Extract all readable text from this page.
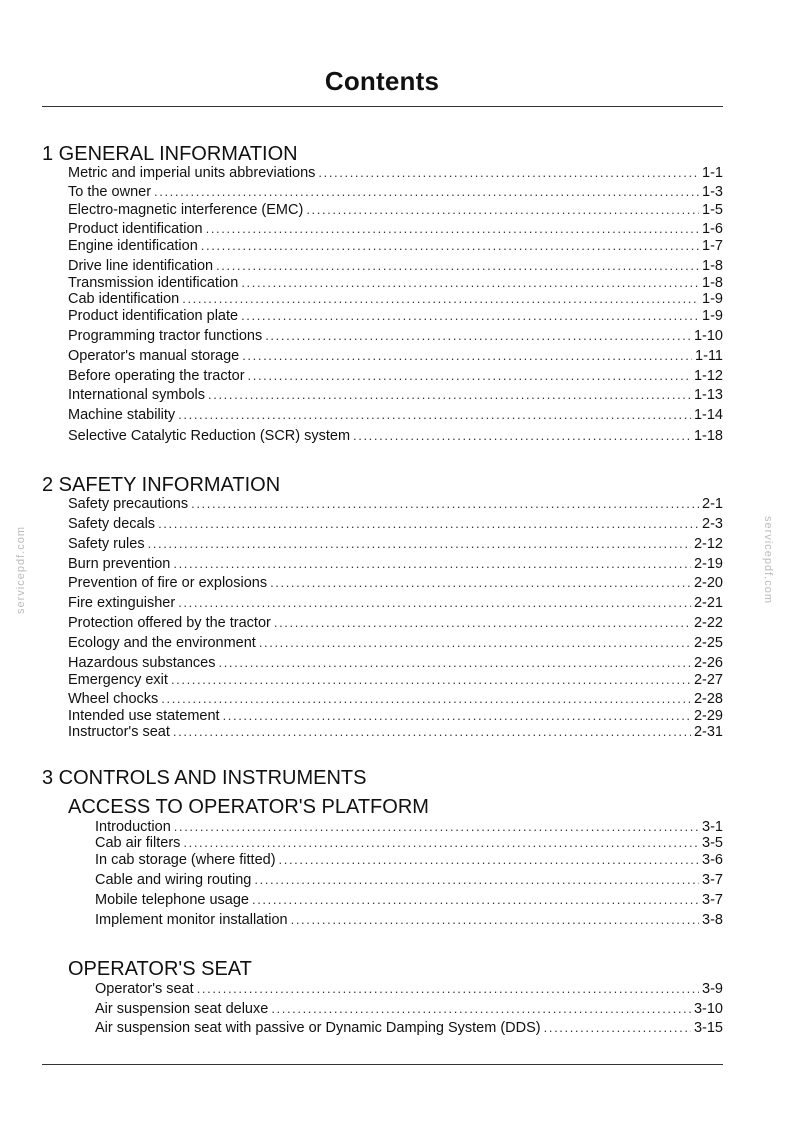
Contents
servicepdf.com	servicepdf.com
1 GENERAL INFORMATION
Metric and imperial units abbreviations .....	1-1
To the owner .....	1-3
Electro-magnetic interference (EMC) .....	1-5
Product identification .....	1-6
Engine identification .....	1-7
Drive line identification .....	1-8
Transmission identification .....	1-8
Cab identification .....	1-9
Product identification plate .....	1-9
Programming tractor functions .....	1-10
Operator's manual storage .....	1-11
Before operating the tractor .....	1-12
International symbols .....	1-13
Machine stability .....	1-14
Selective Catalytic Reduction (SCR) system .....	1-18
2 SAFETY INFORMATION
Safety precautions .....	2-1
Safety decals .....	2-3
Safety rules .....	2-12
Burn prevention .....	2-19
Prevention of fire or explosions .....	2-20
Fire extinguisher .....	2-21
Protection offered by the tractor .....	2-22
Ecology and the environment .....	2-25
Hazardous substances .....	2-26
Emergency exit .....	2-27
Wheel chocks .....	2-28
Intended use statement .....	2-29
Instructor's seat .....	2-31
3 CONTROLS AND INSTRUMENTS
ACCESS TO OPERATOR'S PLATFORM
Introduction .....	3-1
Cab air filters .....	3-5
In cab storage (where fitted) .....	3-6
Cable and wiring routing .....	3-7
Mobile telephone usage .....	3-7
Implement monitor installation .....	3-8
OPERATOR'S SEAT
Operator's seat .....	3-9
Air suspension seat deluxe .....	3-10
Air suspension seat with passive or Dynamic Damping System (DDS) .....	3-15
